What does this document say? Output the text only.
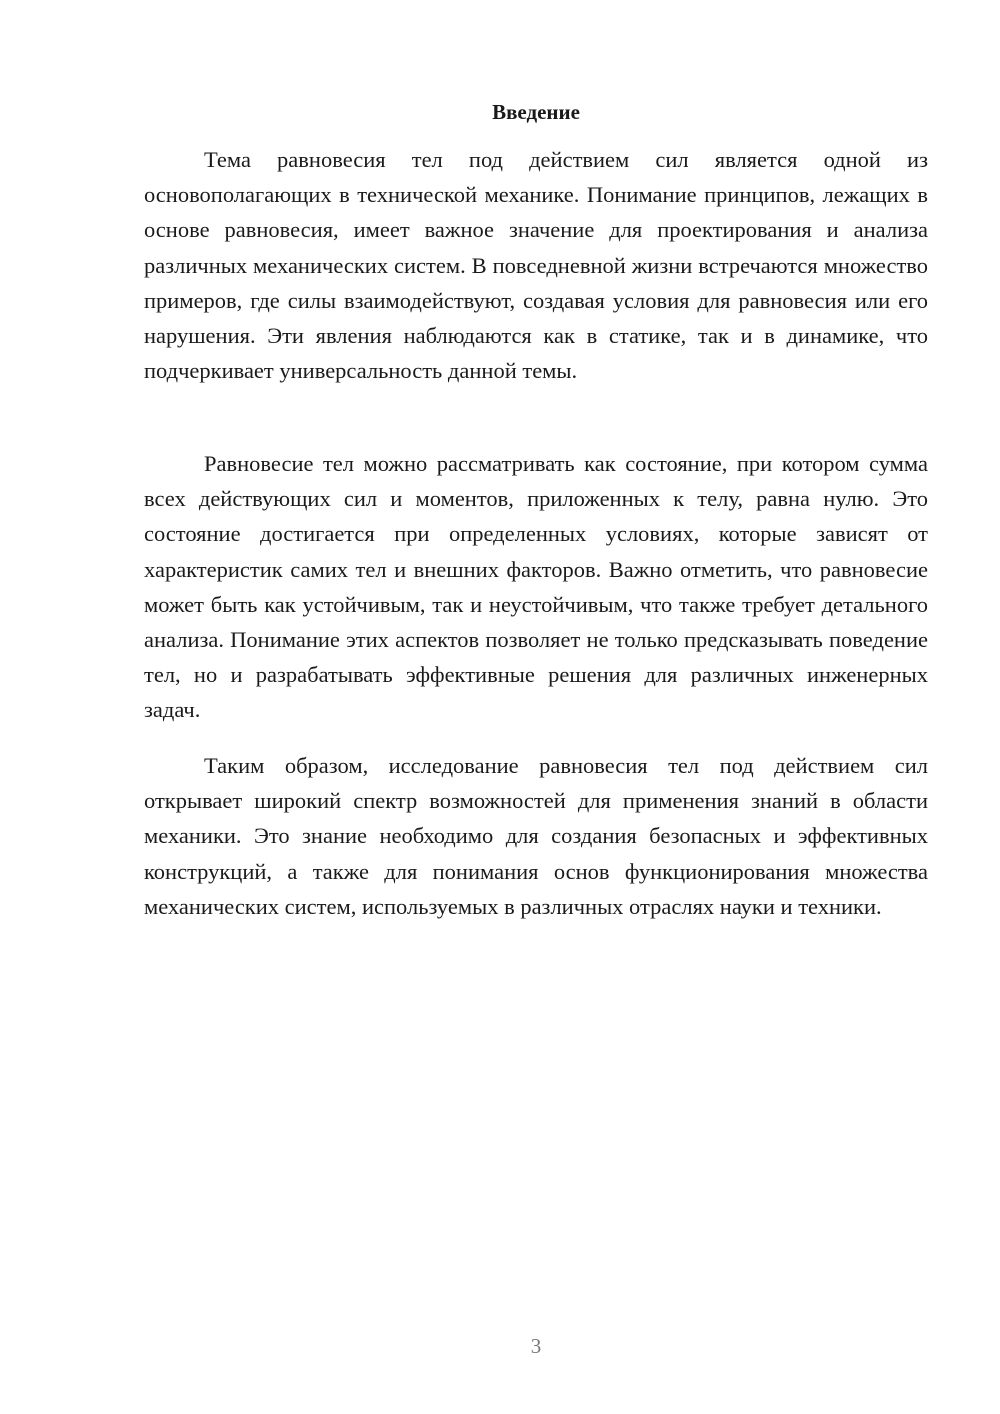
Введение

Тема равновесия тел под действием сил является одной из основополагающих в технической механике. Понимание принципов, лежащих в основе равновесия, имеет важное значение для проектирования и анализа различных механических систем. В повседневной жизни встречаются множество примеров, где силы взаимодействуют, создавая условия для равновесия или его нарушения. Эти явления наблюдаются как в статике, так и в динамике, что подчеркивает универсальность данной темы.

Равновесие тел можно рассматривать как состояние, при котором сумма всех действующих сил и моментов, приложенных к телу, равна нулю. Это состояние достигается при определенных условиях, которые зависят от характеристик самих тел и внешних факторов. Важно отметить, что равновесие может быть как устойчивым, так и неустойчивым, что также требует детального анализа. Понимание этих аспектов позволяет не только предсказывать поведение тел, но и разрабатывать эффективные решения для различных инженерных задач.

Таким образом, исследование равновесия тел под действием сил открывает широкий спектр возможностей для применения знаний в области механики. Это знание необходимо для создания безопасных и эффективных конструкций, а также для понимания основ функционирования множества механических систем, используемых в различных отраслях науки и техники.

3
